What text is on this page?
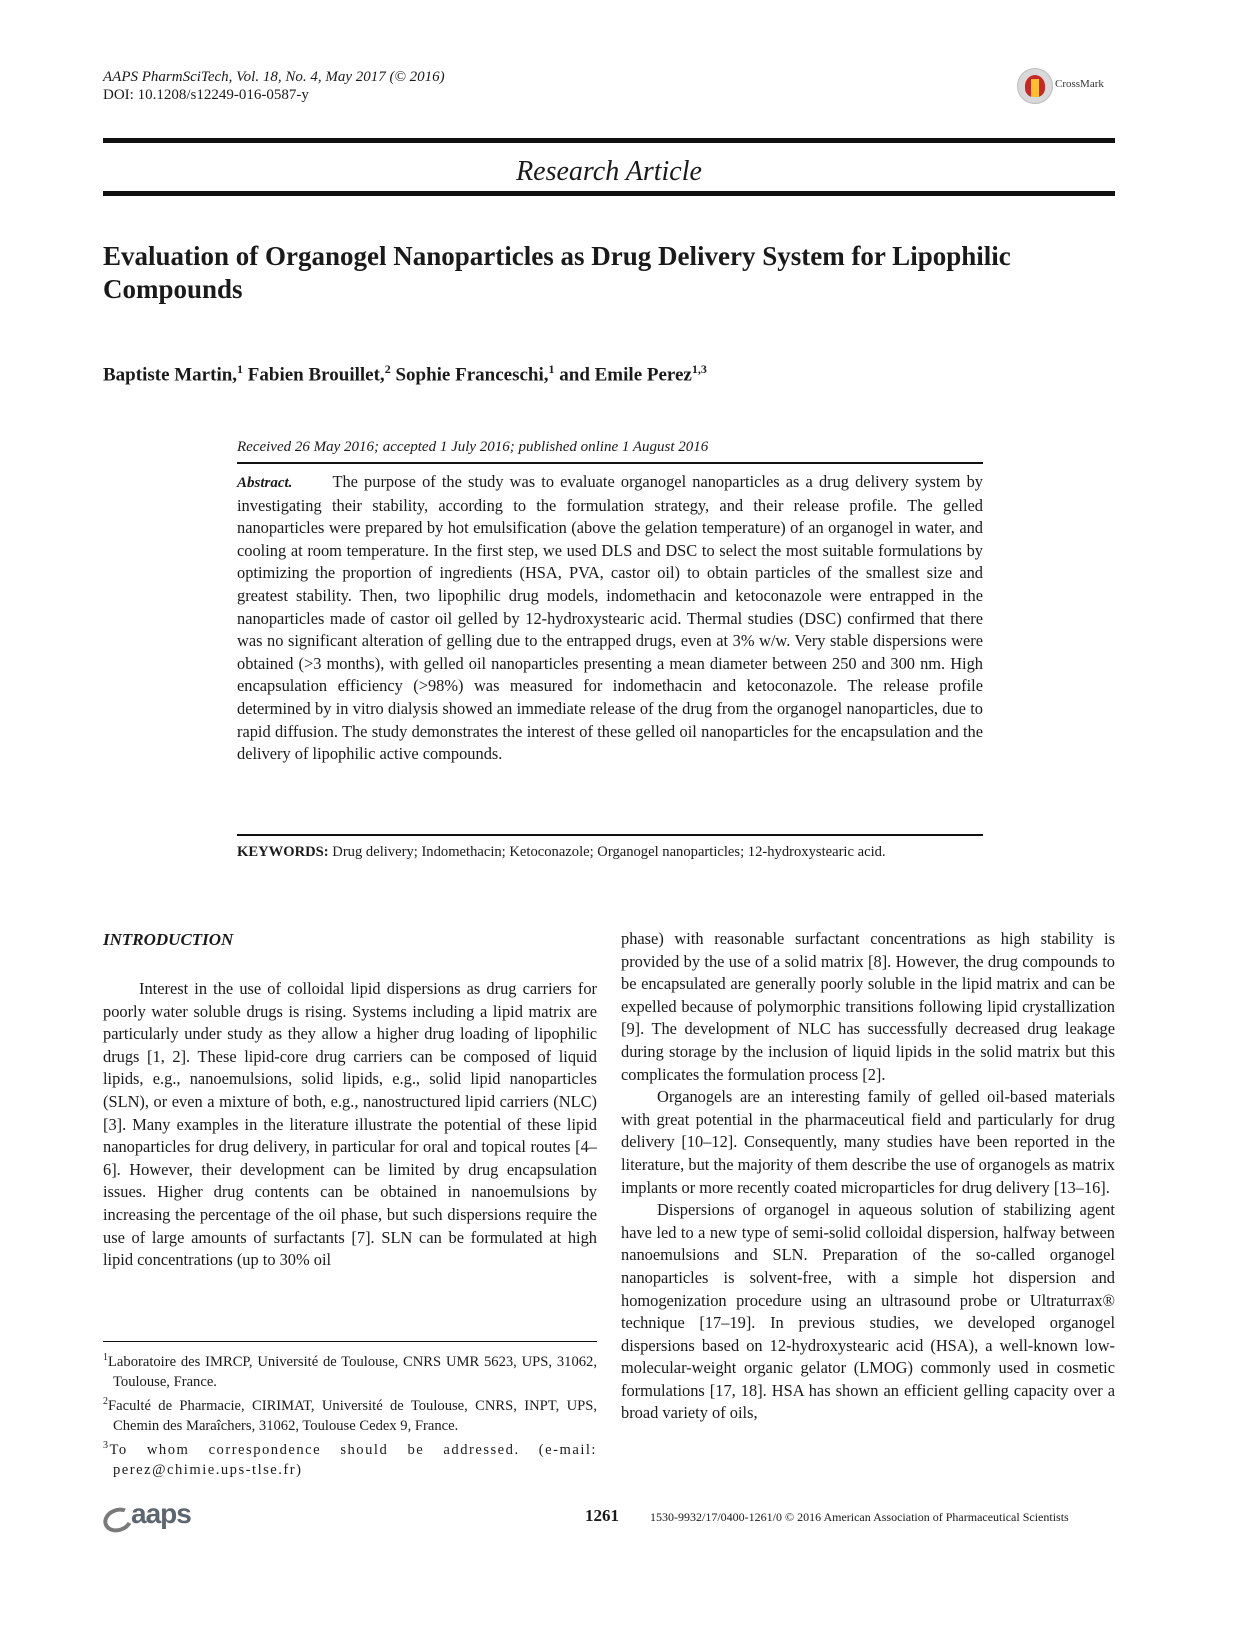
AAPS PharmSciTech, Vol. 18, No. 4, May 2017 (© 2016)
DOI: 10.1208/s12249-016-0587-y
CrossMark
Research Article
Evaluation of Organogel Nanoparticles as Drug Delivery System for Lipophilic Compounds
Baptiste Martin,$^1$ Fabien Brouillet,$^2$ Sophie Franceschi,$^1$ and Emile Perez$^{1,3}$
Received 26 May 2016; accepted 1 July 2016; published online 1 August 2016
Abstract. The purpose of the study was to evaluate organogel nanoparticles as a drug delivery system by investigating their stability, according to the formulation strategy, and their release profile. The gelled nanoparticles were prepared by hot emulsification (above the gelation temperature) of an organogel in water, and cooling at room temperature. In the first step, we used DLS and DSC to select the most suitable formulations by optimizing the proportion of ingredients (HSA, PVA, castor oil) to obtain particles of the smallest size and greatest stability. Then, two lipophilic drug models, indomethacin and ketoconazole were entrapped in the nanoparticles made of castor oil gelled by 12-hydroxystearic acid. Thermal studies (DSC) confirmed that there was no significant alteration of gelling due to the entrapped drugs, even at 3% w/w. Very stable dispersions were obtained (>3 months), with gelled oil nanoparticles presenting a mean diameter between 250 and 300 nm. High encapsulation efficiency (>98%) was measured for indomethacin and ketoconazole. The release profile determined by in vitro dialysis showed an immediate release of the drug from the organogel nanoparticles, due to rapid diffusion. The study demonstrates the interest of these gelled oil nanoparticles for the encapsulation and the delivery of lipophilic active compounds.
KEYWORDS: Drug delivery; Indomethacin; Ketoconazole; Organogel nanoparticles; 12-hydroxystearic acid.
INTRODUCTION

Interest in the use of colloidal lipid dispersions as drug carriers for poorly water soluble drugs is rising. Systems including a lipid matrix are particularly under study as they allow a higher drug loading of lipophilic drugs [1, 2]. These lipid-core drug carriers can be composed of liquid lipids, e.g., nanoemulsions, solid lipids, e.g., solid lipid nanoparticles (SLN), or even a mixture of both, e.g., nanostructured lipid carriers (NLC) [3]. Many examples in the literature illustrate the potential of these lipid nanoparticles for drug delivery, in particular for oral and topical routes [4–6]. However, their development can be limited by drug encapsulation issues. Higher drug contents can be obtained in nanoemulsions by increasing the percentage of the oil phase, but such dispersions require the use of large amounts of surfactants [7]. SLN can be formulated at high lipid concentrations (up to 30% oil

phase) with reasonable surfactant concentrations as high stability is provided by the use of a solid matrix [8]. However, the drug compounds to be encapsulated are generally poorly soluble in the lipid matrix and can be expelled because of polymorphic transitions following lipid crystallization [9]. The development of NLC has successfully decreased drug leakage during storage by the inclusion of liquid lipids in the solid matrix but this complicates the formulation process [2].

Organogels are an interesting family of gelled oil-based materials with great potential in the pharmaceutical field and particularly for drug delivery [10–12]. Consequently, many studies have been reported in the literature, but the majority of them describe the use of organogels as matrix implants or more recently coated microparticles for drug delivery [13–16].

Dispersions of organogel in aqueous solution of stabilizing agent have led to a new type of semi-solid colloidal dispersion, halfway between nanoemulsions and SLN. Preparation of the so-called organogel nanoparticles is solvent-free, with a simple hot dispersion and homogenization procedure using an ultrasound probe or Ultraturrax® technique [17–19]. In previous studies, we developed organogel dispersions based on 12-hydroxystearic acid (HSA), a well-known low-molecular-weight organic gelator (LMOG) commonly used in cosmetic formulations [17, 18]. HSA has shown an efficient gelling capacity over a broad variety of oils,

$^1$Laboratoire des IMRCP, Université de Toulouse, CNRS UMR 5623, UPS, 31062, Toulouse, France.

$^2$Faculté de Pharmacie, CIRIMAT, Université de Toulouse, CNRS, INPT, UPS, Chemin des Maraîchers, 31062, Toulouse Cedex 9, France.

$^3$To whom correspondence should be addressed. (e-mail: perez@chimie.ups-tlse.fr)

aaps	1261	1530-9932/17/0400-1261/0 © 2016 American Association of Pharmaceutical Scientists
